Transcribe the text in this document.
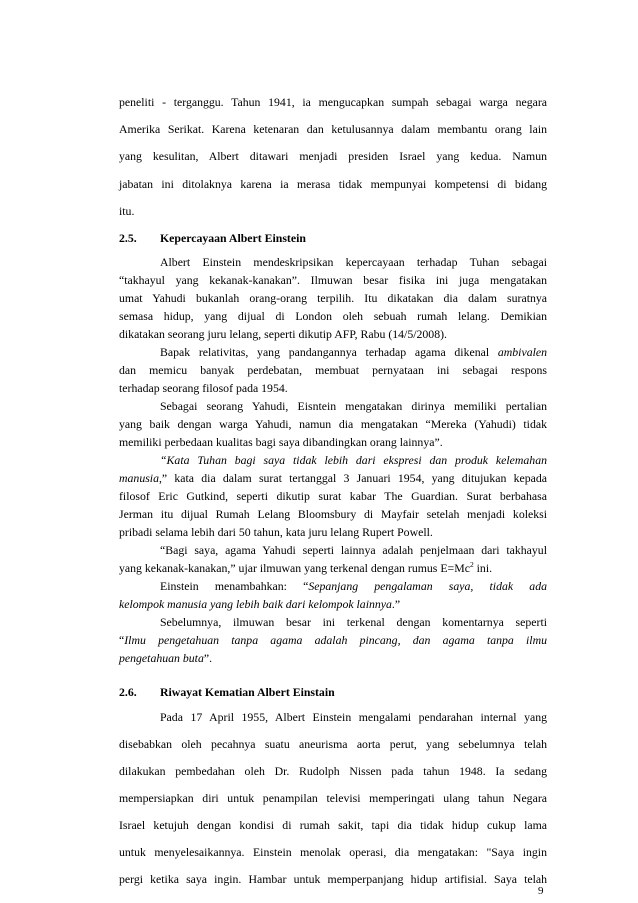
peneliti - terganggu. Tahun 1941, ia mengucapkan sumpah sebagai warga negara
Amerika Serikat. Karena ketenaran dan ketulusannya dalam membantu orang lain
yang kesulitan, Albert ditawari menjadi presiden Israel yang kedua. Namun
jabatan ini ditolaknya karena ia merasa tidak mempunyai kompetensi di bidang
itu.
2.5. Kepercayaan Albert Einstein
Albert Einstein mendeskripsikan kepercayaan terhadap Tuhan sebagai
“takhayul yang kekanak-kanakan”. Ilmuwan besar fisika ini juga mengatakan
umat Yahudi bukanlah orang-orang terpilih. Itu dikatakan dia dalam suratnya
semasa hidup, yang dijual di London oleh sebuah rumah lelang. Demikian
dikatakan seorang juru lelang, seperti dikutip AFP, Rabu (14/5/2008).
Bapak relativitas, yang pandangannya terhadap agama dikenal ambivalen
dan memicu banyak perdebatan, membuat pernyataan ini sebagai respons
terhadap seorang filosof pada 1954.
Sebagai seorang Yahudi, Eisntein mengatakan dirinya memiliki pertalian
yang baik dengan warga Yahudi, namun dia mengatakan “Mereka (Yahudi) tidak
memiliki perbedaan kualitas bagi saya dibandingkan orang lainnya”.
“Kata Tuhan bagi saya tidak lebih dari ekspresi dan produk kelemahan
manusia,” kata dia dalam surat tertanggal 3 Januari 1954, yang ditujukan kepada
filosof Eric Gutkind, seperti dikutip surat kabar The Guardian. Surat berbahasa
Jerman itu dijual Rumah Lelang Bloomsbury di Mayfair setelah menjadi koleksi
pribadi selama lebih dari 50 tahun, kata juru lelang Rupert Powell.
“Bagi saya, agama Yahudi seperti lainnya adalah penjelmaan dari takhayul
yang kekanak-kanakan,” ujar ilmuwan yang terkenal dengan rumus $E=Mc^2$ ini.
Einstein menambahkan: “Sepanjang pengalaman saya, tidak ada
kelompok manusia yang lebih baik dari kelompok lainnya.”
Sebelumnya, ilmuwan besar ini terkenal dengan komentarnya seperti
“Ilmu pengetahuan tanpa agama adalah pincang, dan agama tanpa ilmu
pengetahuan buta”.
2.6. Riwayat Kematian Albert Einstain
Pada 17 April 1955, Albert Einstein mengalami pendarahan internal yang
disebabkan oleh pecahnya suatu aneurisma aorta perut, yang sebelumnya telah
dilakukan pembedahan oleh Dr. Rudolph Nissen pada tahun 1948. Ia sedang
mempersiapkan diri untuk penampilan televisi memperingati ulang tahun Negara
Israel ketujuh dengan kondisi di rumah sakit, tapi dia tidak hidup cukup lama
untuk menyelesaikannya. Einstein menolak operasi, dia mengatakan: "Saya ingin
pergi ketika saya ingin. Hambar untuk memperpanjang hidup artifisial. Saya telah
9
